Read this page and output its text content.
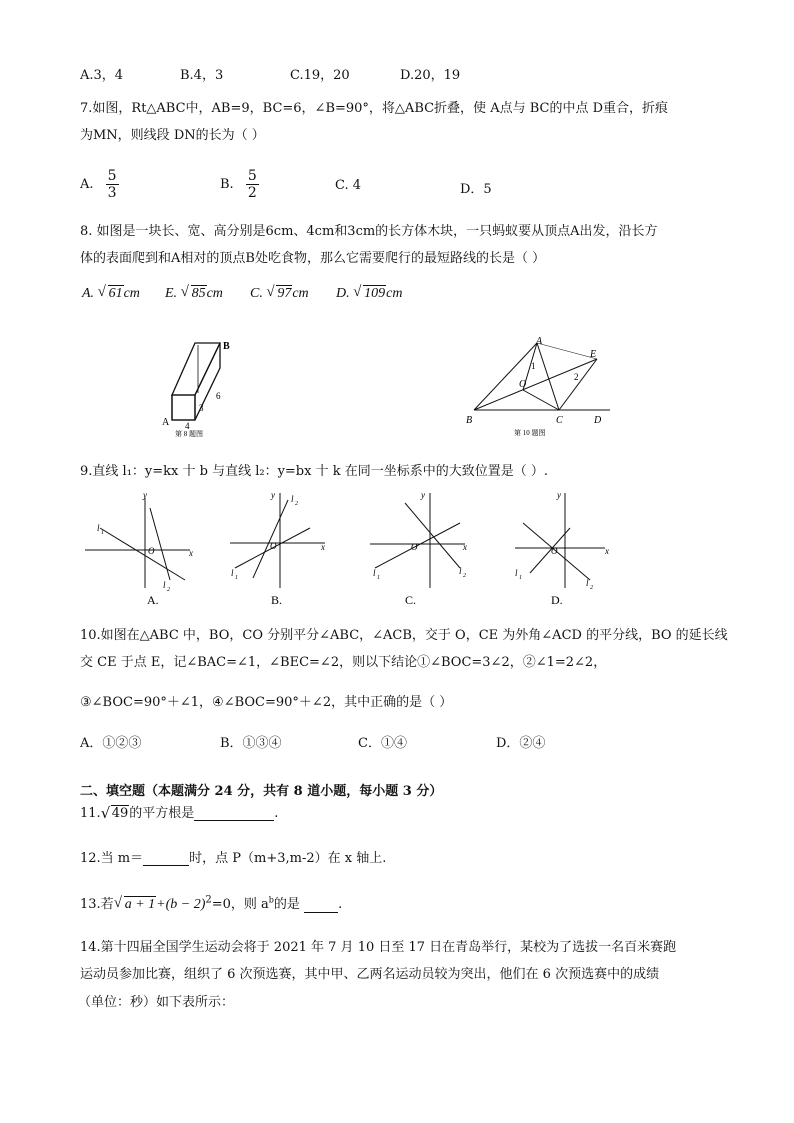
A.3，4	B.4，3	C.19，20	D.20，19
7.如图，Rt△ABC中，AB=9，BC=6，∠B=90°，将△ABC折叠，使 A点与 BC的中点 D重合，折痕
为MN，则线段 DN的长为（ ）
A. $\frac{5}{3}$	B. $\frac{5}{2}$	C. 4	D．5
8. 如图是一块长、宽、高分别是6cm、4cm和3cm的长方体木块，一只蚂蚁要从顶点A出发，沿长方
体的表面爬到和A相对的顶点B处吃食物，那么它需要爬行的最短路线的长是（ ）
A. √ 61cm E. √ 85cm C. √ 97cm D. √ 109cm
B
A
3
4
6
第 8 题图
A
B	C	D
E
O
1
2
第 10 题图
9.直线 l₁：y=kx 十 b 与直线 l₂：y=bx 十 k 在同一坐标系中的大致位置是（ ）.
y
x
O
l 1
l 2
y
x
O
l 1
l 2
y
x
O
l 1
l 2
y
x
O
l 1	l 2
A.	B.	C.	D.
10.如图在△ABC 中，BO，CO 分别平分∠ABC，∠ACB，交于 O，CE 为外角∠ACD 的平分线，BO 的延长线
交 CE 于点 E，记∠BAC=∠1，∠BEC=∠2，则以下结论①∠BOC=3∠2，②∠1=2∠2，
③∠BOC=90°＋∠1，④∠BOC=90°＋∠2，其中正确的是（ ）
A．①②③	B．①③④	C．①④	D．②④
二、填空题（本题满分 24 分，共有 8 道小题，每小题 3 分）
11. √ 49的平方根是	.
12.当 m＝	时，点 P（m+3,m-2）在 x 轴上.
13.若 √ $a + 1+(b - 2)^2=0$，则 $a^b$的是	.
14.第十四届全国学生运动会将于 2021 年 7 月 10 日至 17 日在青岛举行，某校为了选拔一名百米赛跑
运动员参加比赛，组织了 6 次预选赛，其中甲、乙两名运动员较为突出，他们在 6 次预选赛中的成绩
（单位：秒）如下表所示：
